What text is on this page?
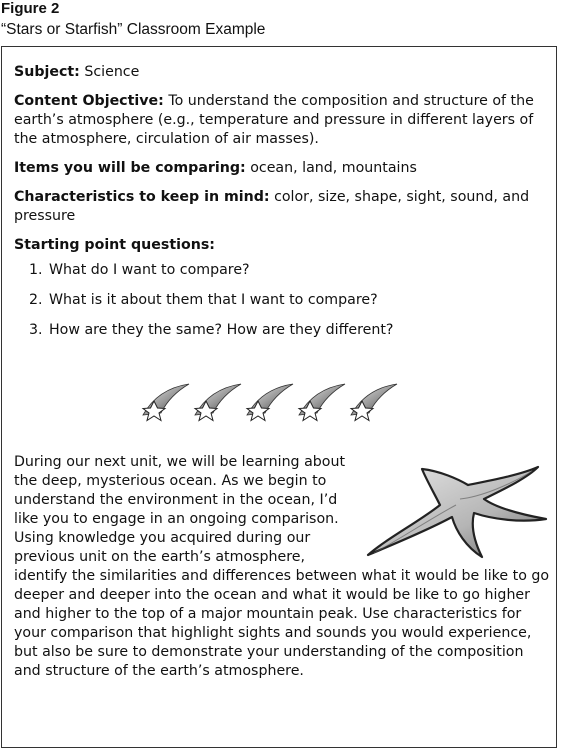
Figure 2
“Stars or Starfish” Classroom Example

Subject: Science

Content Objective: To understand the composition and structure of the earth’s atmosphere (e.g., temperature and pressure in different layers of the atmosphere, circulation of air masses).

Items you will be comparing: ocean, land, mountains

Characteristics to keep in mind: color, size, shape, sight, sound, and pressure

Starting point questions:
1. What do I want to compare?
2. What is it about them that I want to compare?
3. How are they the same? How are they different?

During our next unit, we will be learning about the deep, mysterious ocean. As we begin to understand the environment in the ocean, I’d like you to engage in an ongoing comparison. Using knowledge you acquired during our previous unit on the earth’s atmosphere, identify the similarities and differences between what it would be like to go deeper and deeper into the ocean and what it would be like to go higher and higher to the top of a major mountain peak. Use characteristics for your comparison that highlight sights and sounds you would experience, but also be sure to demonstrate your understanding of the composition and structure of the earth’s atmosphere.
